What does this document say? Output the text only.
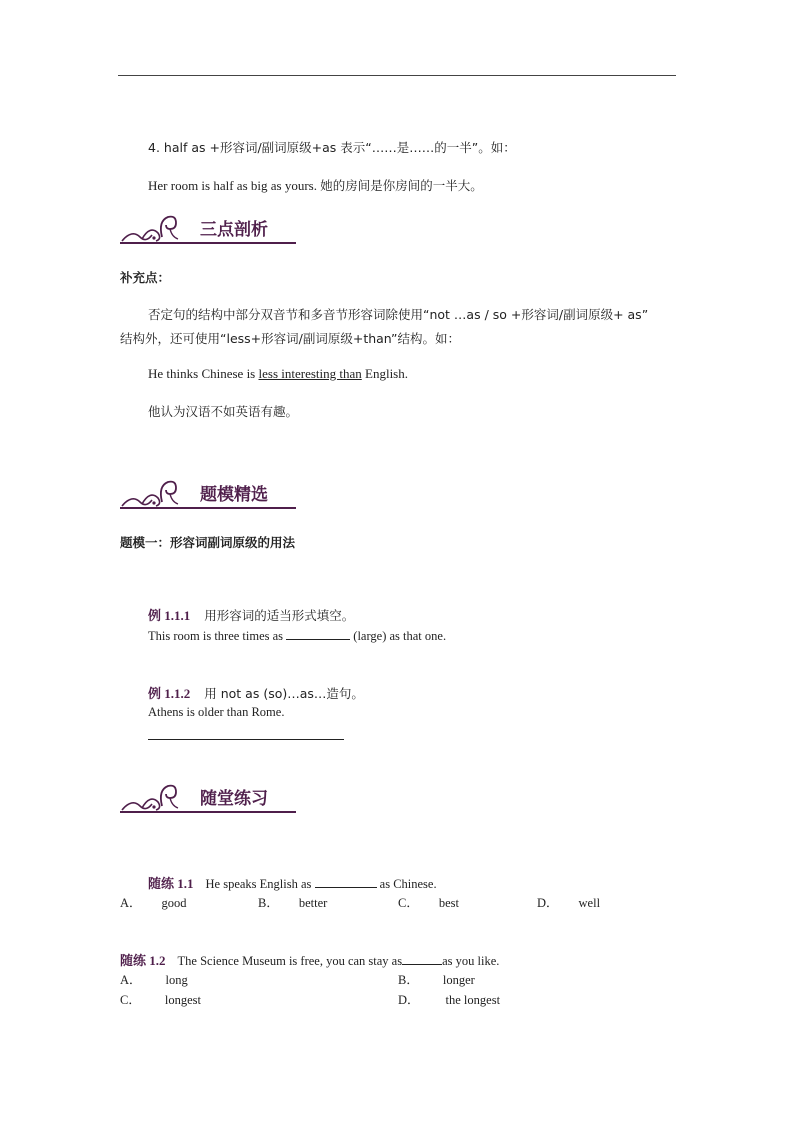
4. half as +形容词/副词原级+as 表示“……是……的一半”。如：
Her room is half as big as yours. 她的房间是你房间的一半大。
三点剖析
补充点：
否定句的结构中部分双音节和多音节形容词除使用“not …as / so +形容词/副词原级+ as”
结构外，还可使用“less+形容词/副词原级+than”结构。如：
He thinks Chinese is less interesting than English.
他认为汉语不如英语有趣。
题模精选
题模一：形容词副词原级的用法
例 1.1.1 用形容词的适当形式填空。
This room is three times as	(large) as that one.
例 1.1.2 用 not as (so)…as…造句。
Athens is older than Rome.
随堂练习
随练 1.1 He speaks English as	as Chinese.
A． good	B． better	C． best	D． well
随练 1.2 The Science Museum is free, you can stay as	as you like.
A． long	B． longer
C． longest	D． the longest
